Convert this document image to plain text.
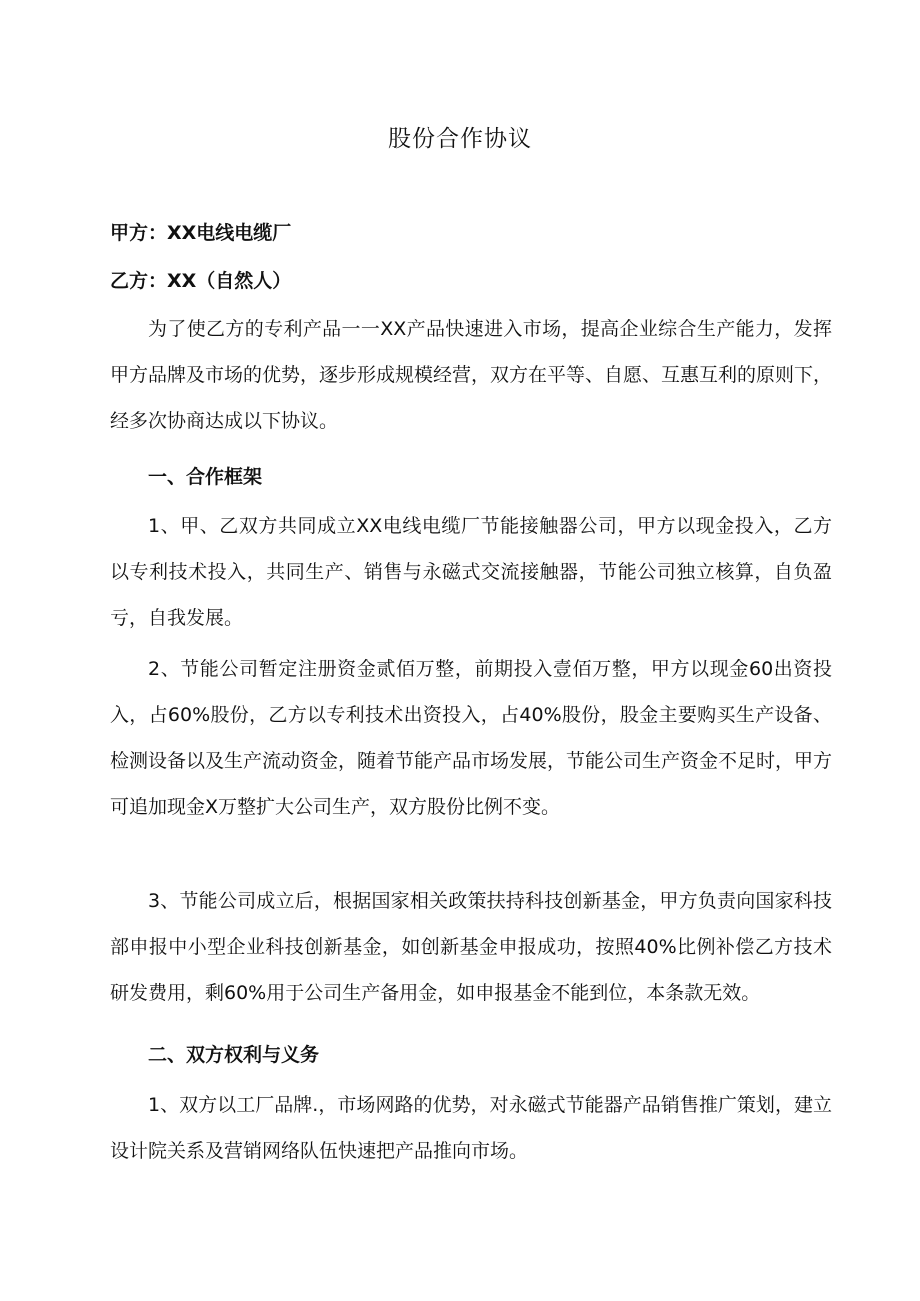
股份合作协议
甲方：XX电线电缆厂
乙方：XX（自然人）
为了使乙方的专利产品一一XX产品快速进入市场，提高企业综合生产能力，发挥甲方品牌及市场的优势，逐步形成规模经营，双方在平等、自愿、互惠互利的原则下，经多次协商达成以下协议。
一、合作框架
1、甲、乙双方共同成立XX电线电缆厂节能接触器公司，甲方以现金投入，乙方以专利技术投入，共同生产、销售与永磁式交流接触器，节能公司独立核算，自负盈亏，自我发展。
2、节能公司暂定注册资金贰佰万整，前期投入壹佰万整，甲方以现金60出资投入，占60%股份，乙方以专利技术出资投入，占40%股份，股金主要购买生产设备、检测设备以及生产流动资金，随着节能产品市场发展，节能公司生产资金不足时，甲方可追加现金X万整扩大公司生产，双方股份比例不变。
3、节能公司成立后，根据国家相关政策扶持科技创新基金，甲方负责向国家科技部申报中小型企业科技创新基金，如创新基金申报成功，按照40%比例补偿乙方技术研发费用，剩60%用于公司生产备用金，如申报基金不能到位，本条款无效。
二、双方权利与义务
1、双方以工厂品牌.，市场网路的优势，对永磁式节能器产品销售推广策划，建立设计院关系及营销网络队伍快速把产品推向市场。
